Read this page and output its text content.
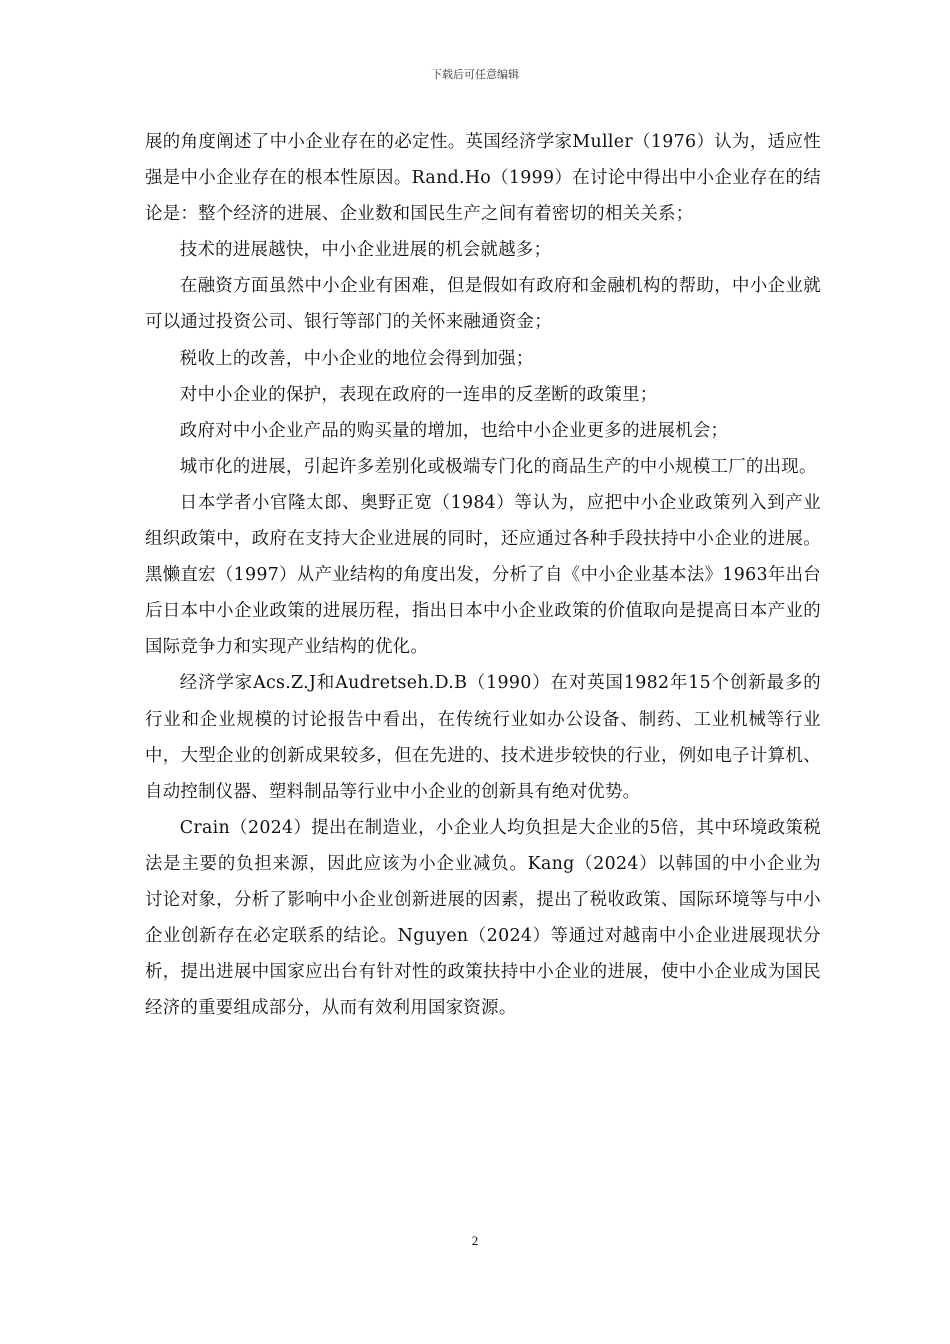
下载后可任意编辑

展的角度阐述了中小企业存在的必定性。英国经济学家Muller（1976）认为，适应性强是中小企业存在的根本性原因。Rand.Ho（1999）在讨论中得出中小企业存在的结论是：整个经济的进展、企业数和国民生产之间有着密切的相关关系；

技术的进展越快，中小企业进展的机会就越多；

在融资方面虽然中小企业有困难，但是假如有政府和金融机构的帮助，中小企业就可以通过投资公司、银行等部门的关怀来融通资金；

税收上的改善，中小企业的地位会得到加强；

对中小企业的保护，表现在政府的一连串的反垄断的政策里；

政府对中小企业产品的购买量的增加，也给中小企业更多的进展机会；

城市化的进展，引起许多差别化或极端专门化的商品生产的中小规模工厂的出现。

日本学者小官隆太郎、奥野正宽（1984）等认为，应把中小企业政策列入到产业组织政策中，政府在支持大企业进展的同时，还应通过各种手段扶持中小企业的进展。黑懒直宏（1997）从产业结构的角度出发，分析了自《中小企业基本法》1963年出台后日本中小企业政策的进展历程，指出日本中小企业政策的价值取向是提高日本产业的国际竞争力和实现产业结构的优化。

经济学家Acs.Z.J和Audretseh.D.B（1990）在对英国1982年15个创新最多的行业和企业规模的讨论报告中看出，在传统行业如办公设备、制药、工业机械等行业中，大型企业的创新成果较多，但在先进的、技术进步较快的行业，例如电子计算机、自动控制仪器、塑料制品等行业中小企业的创新具有绝对优势。

Crain（2024）提出在制造业，小企业人均负担是大企业的5倍，其中环境政策税法是主要的负担来源，因此应该为小企业减负。Kang（2024）以韩国的中小企业为讨论对象，分析了影响中小企业创新进展的因素，提出了税收政策、国际环境等与中小企业创新存在必定联系的结论。Nguyen（2024）等通过对越南中小企业进展现状分析，提出进展中国家应出台有针对性的政策扶持中小企业的进展，使中小企业成为国民经济的重要组成部分，从而有效利用国家资源。

2
